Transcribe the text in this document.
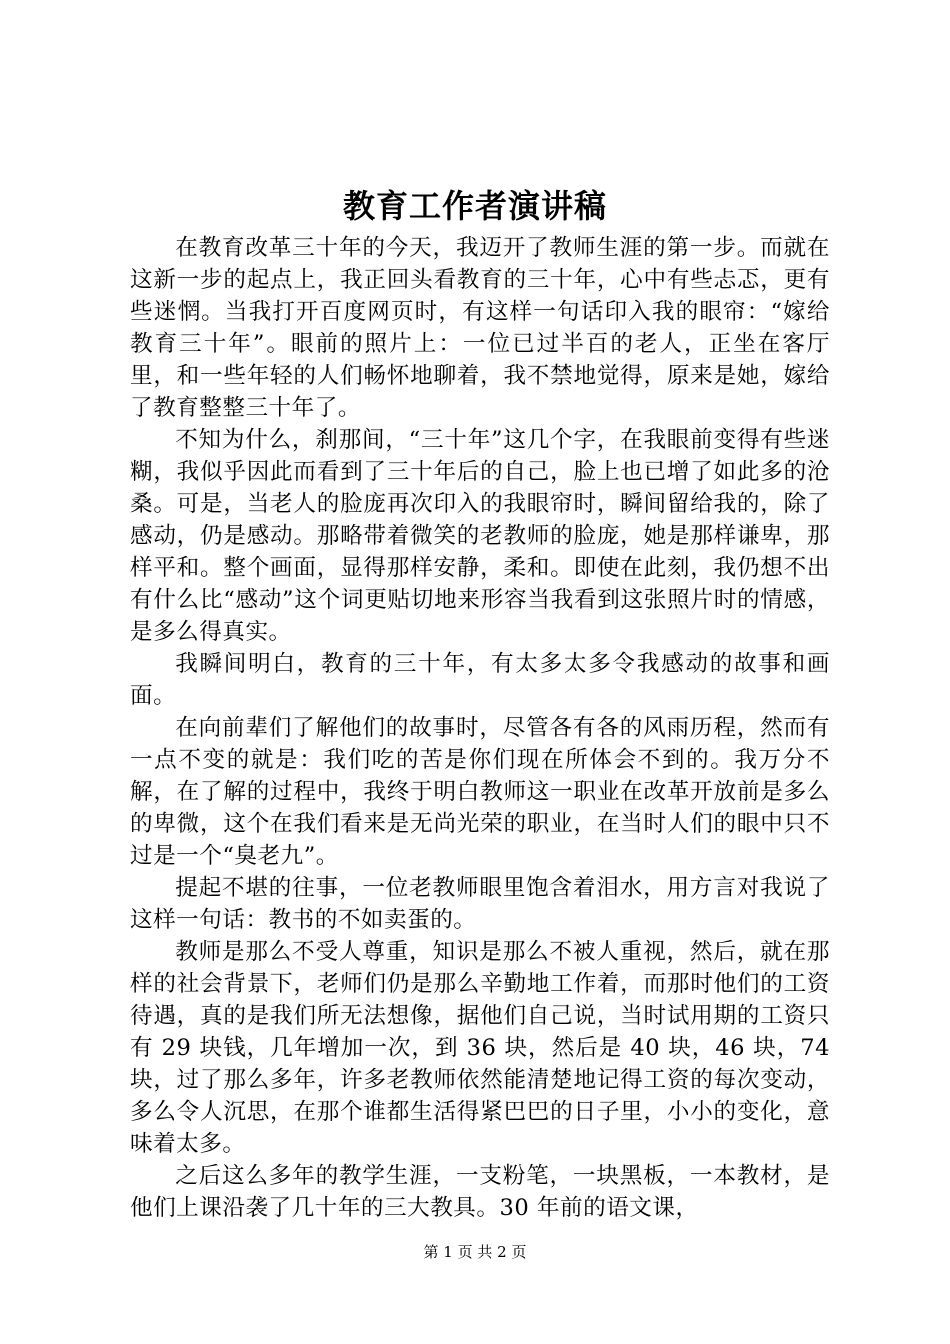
教育工作者演讲稿

在教育改革三十年的今天，我迈开了教师生涯的第一步。而就在这新一步的起点上，我正回头看教育的三十年，心中有些忐忑，更有些迷惘。当我打开百度网页时，有这样一句话印入我的眼帘：“嫁给教育三十年”。眼前的照片上：一位已过半百的老人，正坐在客厅里，和一些年轻的人们畅怀地聊着，我不禁地觉得，原来是她，嫁给了教育整整三十年了。

不知为什么，刹那间，“三十年”这几个字，在我眼前变得有些迷糊，我似乎因此而看到了三十年后的自己，脸上也已增了如此多的沧桑。可是，当老人的脸庞再次印入的我眼帘时，瞬间留给我的，除了感动，仍是感动。那略带着微笑的老教师的脸庞，她是那样谦卑，那样平和。整个画面，显得那样安静，柔和。即使在此刻，我仍想不出有什么比“感动”这个词更贴切地来形容当我看到这张照片时的情感，是多么得真实。

我瞬间明白，教育的三十年，有太多太多令我感动的故事和画面。

在向前辈们了解他们的故事时，尽管各有各的风雨历程，然而有一点不变的就是：我们吃的苦是你们现在所体会不到的。我万分不解，在了解的过程中，我终于明白教师这一职业在改革开放前是多么的卑微，这个在我们看来是无尚光荣的职业，在当时人们的眼中只不过是一个“臭老九”。

提起不堪的往事，一位老教师眼里饱含着泪水，用方言对我说了这样一句话：教书的不如卖蛋的。

教师是那么不受人尊重，知识是那么不被人重视，然后，就在那样的社会背景下，老师们仍是那么辛勤地工作着，而那时他们的工资待遇，真的是我们所无法想像，据他们自己说，当时试用期的工资只有 29 块钱，几年增加一次，到 36 块，然后是 40 块，46 块，74 块，过了那么多年，许多老教师依然能清楚地记得工资的每次变动，多么令人沉思，在那个谁都生活得紧巴巴的日子里，小小的变化，意味着太多。

之后这么多年的教学生涯，一支粉笔，一块黑板，一本教材，是他们上课沿袭了几十年的三大教具。30 年前的语文课，

第 1 页 共 2 页
